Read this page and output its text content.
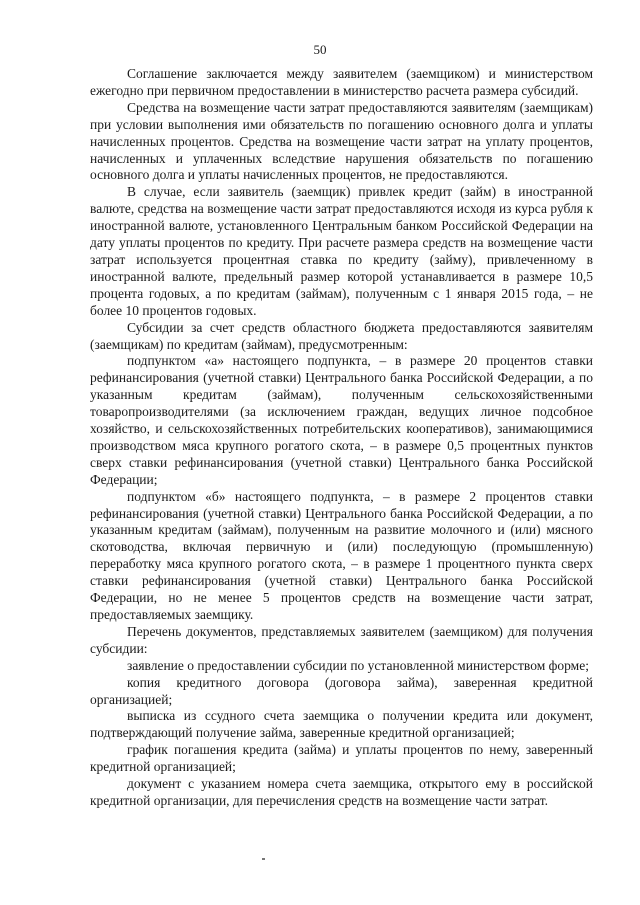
50

Соглашение заключается между заявителем (заемщиком) и министерством ежегодно при первичном предоставлении в министерство расчета размера субсидий.

Средства на возмещение части затрат предоставляются заявителям (заемщикам) при условии выполнения ими обязательств по погашению основного долга и уплаты начисленных процентов. Средства на возмещение части затрат на уплату процентов, начисленных и уплаченных вследствие нарушения обязательств по погашению основного долга и уплаты начисленных процентов, не предоставляются.

В случае, если заявитель (заемщик) привлек кредит (займ) в иностранной валюте, средства на возмещение части затрат предоставляются исходя из курса рубля к иностранной валюте, установленного Центральным банком Российской Федерации на дату уплаты процентов по кредиту. При расчете размера средств на возмещение части затрат используется процентная ставка по кредиту (займу), привлеченному в иностранной валюте, предельный размер которой устанавливается в размере 10,5 процента годовых, а по кредитам (займам), полученным с 1 января 2015 года, – не более 10 процентов годовых.

Субсидии за счет средств областного бюджета предоставляются заявителям (заемщикам) по кредитам (займам), предусмотренным:

подпунктом «а» настоящего подпункта, – в размере 20 процентов ставки рефинансирования (учетной ставки) Центрального банка Российской Федерации, а по указанным кредитам (займам), полученным сельскохозяйственными товаропроизводителями (за исключением граждан, ведущих личное подсобное хозяйство, и сельскохозяйственных потребительских кооперативов), занимающимися производством мяса крупного рогатого скота, – в размере 0,5 процентных пунктов сверх ставки рефинансирования (учетной ставки) Центрального банка Российской Федерации;

подпунктом «б» настоящего подпункта, – в размере 2 процентов ставки рефинансирования (учетной ставки) Центрального банка Российской Федерации, а по указанным кредитам (займам), полученным на развитие молочного и (или) мясного скотоводства, включая первичную и (или) последующую (промышленную) переработку мяса крупного рогатого скота, – в размере 1 процентного пункта сверх ставки рефинансирования (учетной ставки) Центрального банка Российской Федерации, но не менее 5 процентов средств на возмещение части затрат, предоставляемых заемщику.

Перечень документов, представляемых заявителем (заемщиком) для получения субсидии:

заявление о предоставлении субсидии по установленной министерством форме;

копия кредитного договора (договора займа), заверенная кредитной организацией;

выписка из ссудного счета заемщика о получении кредита или документ, подтверждающий получение займа, заверенные кредитной организацией;

график погашения кредита (займа) и уплаты процентов по нему, заверенный кредитной организацией;

документ с указанием номера счета заемщика, открытого ему в российской кредитной организации, для перечисления средств на возмещение части затрат.
